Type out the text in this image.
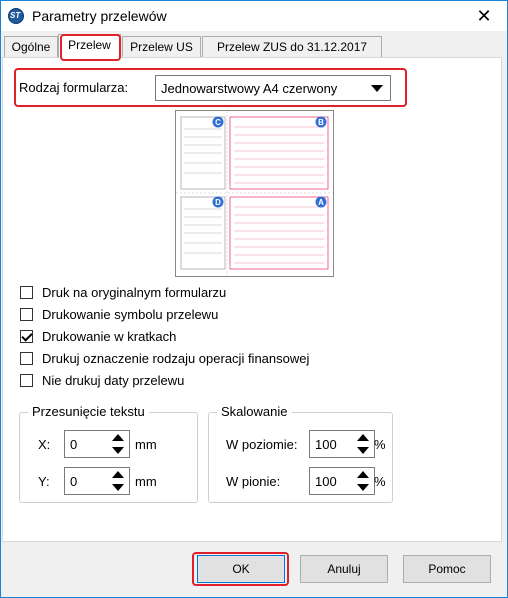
ST Parametry przelewów	✕
Ogólne	Przelew	Przelew US	Przelew ZUS do 31.12.2017
Rodzaj formularza:	Jednowarstwowy A4 czerwony
C	B
D	A
Druk na oryginalnym formularzu
Drukowanie symbolu przelewu
Drukowanie w kratkach
Drukuj oznaczenie rodzaju operacji finansowej
Nie drukuj daty przelewu
Przesunięcie tekstu
X: 0	mm
Y: 0	mm
Skalowanie
W poziomie: 100	%
W pionie:	100	%
OK	Anuluj	Pomoc
